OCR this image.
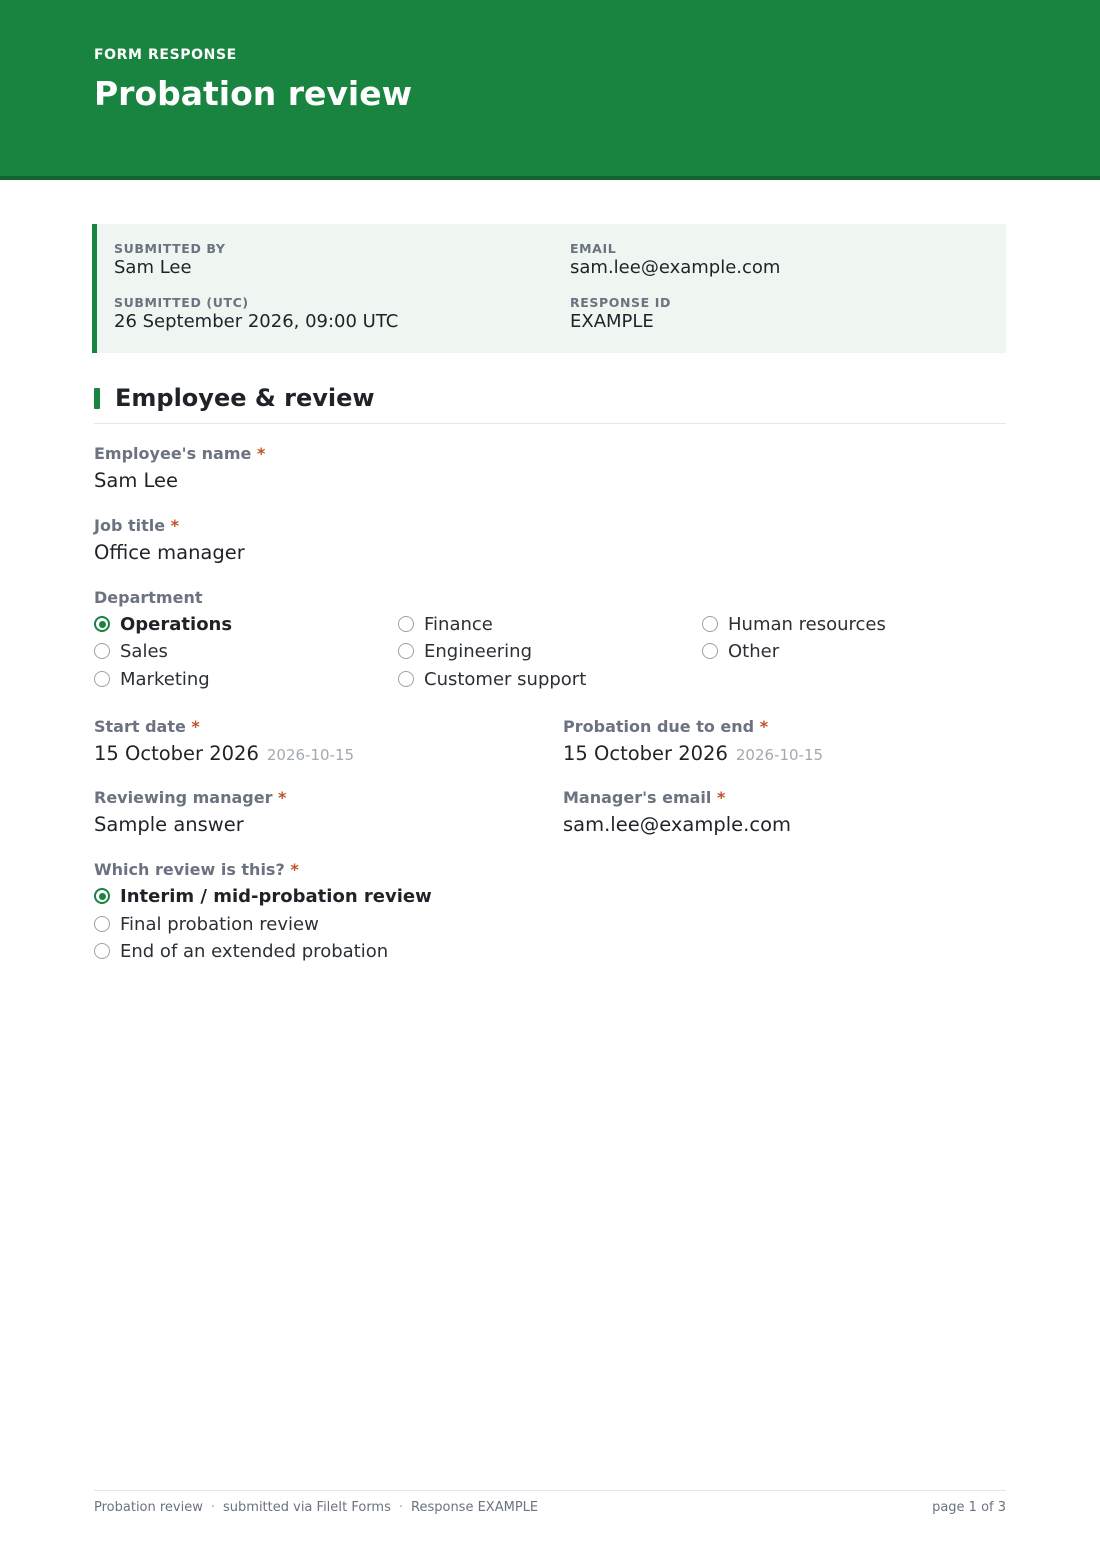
FORM RESPONSE
Probation review
SUBMITTED BY
Sam Lee
EMAIL
sam.lee@example.com
SUBMITTED (UTC)
26 September 2026, 09:00 UTC
RESPONSE ID
EXAMPLE
Employee & review
Employee's name *
Sam Lee
Job title *
Office manager
Department
Operations	Finance	Human resources
Sales	Engineering	Other
Marketing	Customer support
Start date *
15 October 2026 2026-10-15
Probation due to end *
15 October 2026 2026-10-15
Reviewing manager *
Sample answer
Manager's email *
sam.lee@example.com
Which review is this? *
Interim / mid-probation review
Final probation review
End of an extended probation
Probation review · submitted via FileIt Forms · Response EXAMPLE	page 1 of 3
